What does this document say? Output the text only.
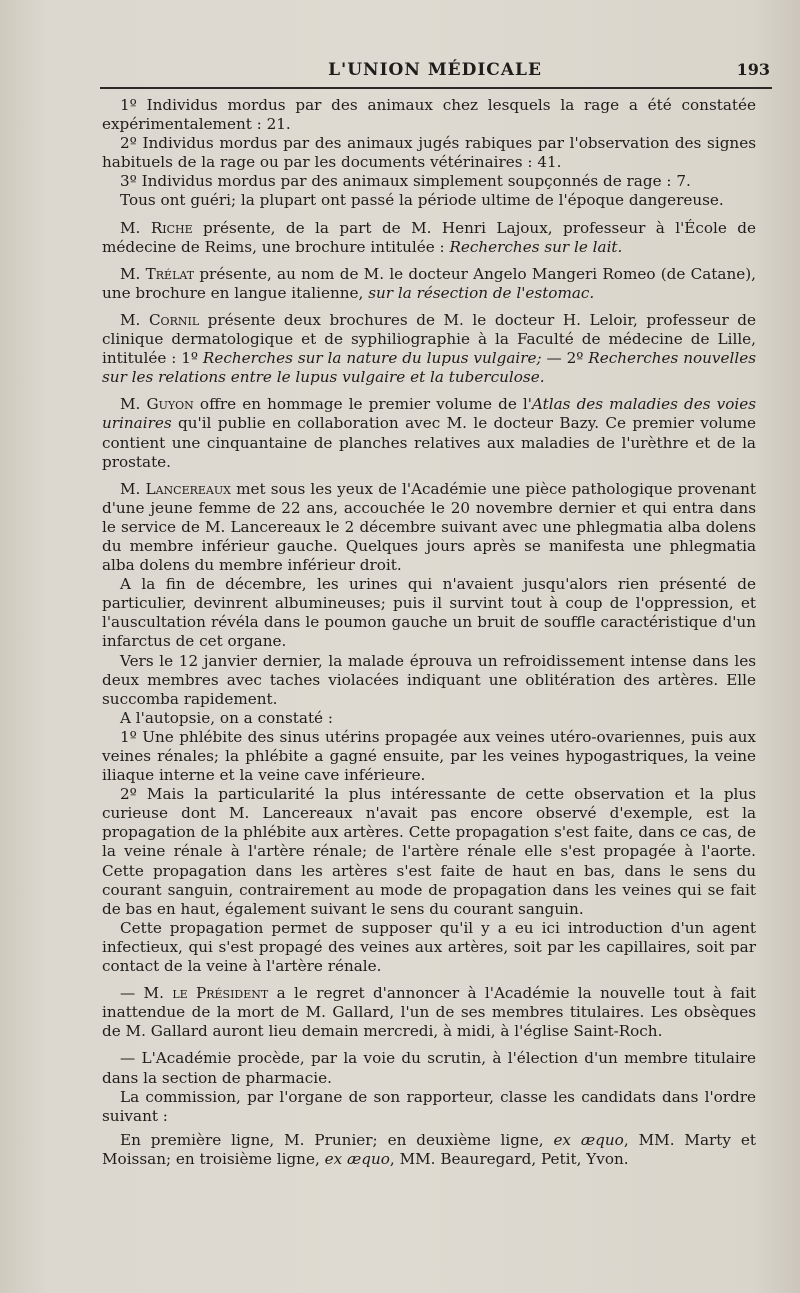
L'UNION MÉDICALE	193

1º Individus mordus par des animaux chez lesquels la rage a été constatée expérimentalement : 21.

2º Individus mordus par des animaux jugés rabiques par l'observation des signes habituels de la rage ou par les documents vétérinaires : 41.

3º Individus mordus par des animaux simplement soupçonnés de rage : 7.

Tous ont guéri; la plupart ont passé la période ultime de l'époque dangereuse.

M. Riche présente, de la part de M. Henri Lajoux, professeur à l'École de médecine de Reims, une brochure intitulée : Recherches sur le lait.

M. Trélat présente, au nom de M. le docteur Angelo Mangeri Romeo (de Catane), une brochure en langue italienne, sur la résection de l'estomac.

M. Cornil présente deux brochures de M. le docteur H. Leloir, professeur de clinique dermatologique et de syphiliographie à la Faculté de médecine de Lille, intitulée : 1º Recherches sur la nature du lupus vulgaire; — 2º Recherches nouvelles sur les relations entre le lupus vulgaire et la tuberculose.

M. Guyon offre en hommage le premier volume de l'Atlas des maladies des voies urinaires qu'il publie en collaboration avec M. le docteur Bazy. Ce premier volume contient une cinquantaine de planches relatives aux maladies de l'urèthre et de la prostate.

M. Lancereaux met sous les yeux de l'Académie une pièce pathologique provenant d'une jeune femme de 22 ans, accouchée le 20 novembre dernier et qui entra dans le service de M. Lancereaux le 2 décembre suivant avec une phlegmatia alba dolens du membre inférieur gauche. Quelques jours après se manifesta une phlegmatia alba dolens du membre inférieur droit.

A la fin de décembre, les urines qui n'avaient jusqu'alors rien présenté de particulier, devinrent albumineuses; puis il survint tout à coup de l'oppression, et l'auscultation révéla dans le poumon gauche un bruit de souffle caractéristique d'un infarctus de cet organe.

Vers le 12 janvier dernier, la malade éprouva un refroidissement intense dans les deux membres avec taches violacées indiquant une oblitération des artères. Elle succomba rapidement.

A l'autopsie, on a constaté :

1º Une phlébite des sinus utérins propagée aux veines utéro-ovariennes, puis aux veines rénales; la phlébite a gagné ensuite, par les veines hypogastriques, la veine iliaque interne et la veine cave inférieure.

2º Mais la particularité la plus intéressante de cette observation et la plus curieuse dont M. Lancereaux n'avait pas encore observé d'exemple, est la propagation de la phlébite aux artères. Cette propagation s'est faite, dans ce cas, de la veine rénale à l'artère rénale; de l'artère rénale elle s'est propagée à l'aorte. Cette propagation dans les artères s'est faite de haut en bas, dans le sens du courant sanguin, contrairement au mode de propagation dans les veines qui se fait de bas en haut, également suivant le sens du courant sanguin.

Cette propagation permet de supposer qu'il y a eu ici introduction d'un agent infectieux, qui s'est propagé des veines aux artères, soit par les capillaires, soit par contact de la veine à l'artère rénale.

— M. le Président a le regret d'annoncer à l'Académie la nouvelle tout à fait inattendue de la mort de M. Gallard, l'un de ses membres titulaires. Les obsèques de M. Gallard auront lieu demain mercredi, à midi, à l'église Saint-Roch.

— L'Académie procède, par la voie du scrutin, à l'élection d'un membre titulaire dans la section de pharmacie.

La commission, par l'organe de son rapporteur, classe les candidats dans l'ordre suivant :

En première ligne, M. Prunier; en deuxième ligne, ex æquo, MM. Marty et Moissan; en troisième ligne, ex æquo, MM. Beauregard, Petit, Yvon.
